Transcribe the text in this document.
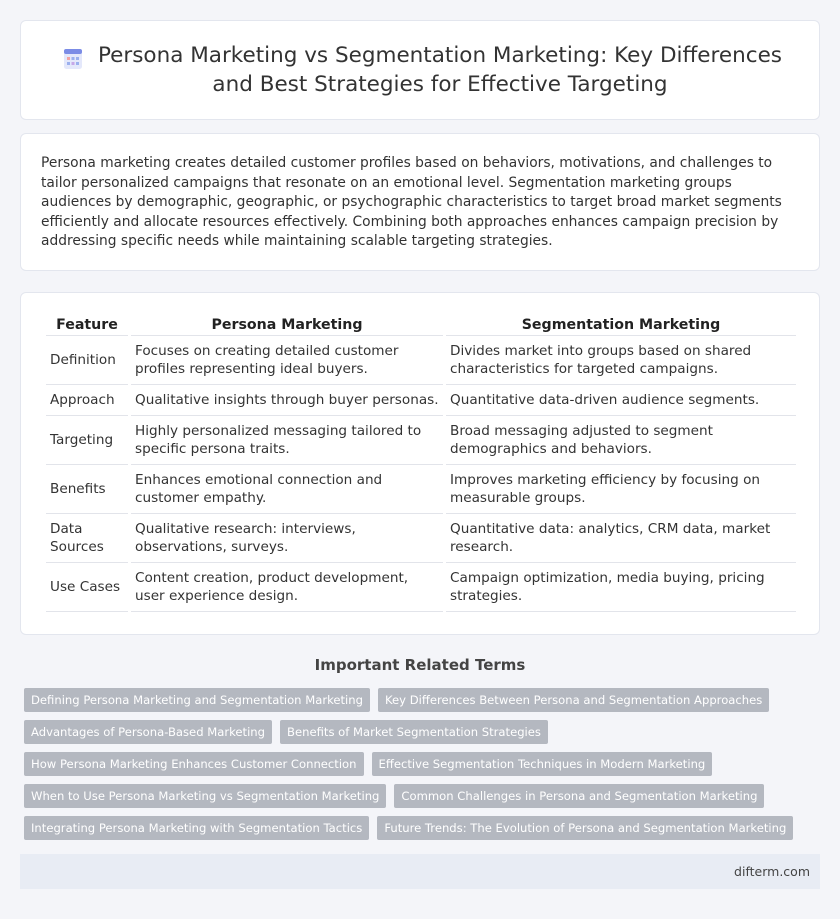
Persona Marketing vs Segmentation Marketing: Key Differences and Best Strategies for Effective Targeting

Persona marketing creates detailed customer profiles based on behaviors, motivations, and challenges to tailor personalized campaigns that resonate on an emotional level. Segmentation marketing groups audiences by demographic, geographic, or psychographic characteristics to target broad market segments efficiently and allocate resources effectively. Combining both approaches enhances campaign precision by addressing specific needs while maintaining scalable targeting strategies.

Feature	Persona Marketing	Segmentation Marketing
Definition	Focuses on creating detailed customer profiles representing ideal buyers.	Divides market into groups based on shared characteristics for targeted campaigns.
Approach	Qualitative insights through buyer personas.	Quantitative data-driven audience segments.
Targeting	Highly personalized messaging tailored to specific persona traits.	Broad messaging adjusted to segment demographics and behaviors.
Benefits	Enhances emotional connection and customer empathy.	Improves marketing efficiency by focusing on measurable groups.
Data Sources	Qualitative research: interviews, observations, surveys.	Quantitative data: analytics, CRM data, market research.
Use Cases	Content creation, product development, user experience design.	Campaign optimization, media buying, pricing strategies.
Important Related Terms
Defining Persona Marketing and Segmentation Marketing	Key Differences Between Persona and Segmentation Approaches
Advantages of Persona-Based Marketing	Benefits of Market Segmentation Strategies
How Persona Marketing Enhances Customer Connection	Effective Segmentation Techniques in Modern Marketing
When to Use Persona Marketing vs Segmentation Marketing	Common Challenges in Persona and Segmentation Marketing
Integrating Persona Marketing with Segmentation Tactics	Future Trends: The Evolution of Persona and Segmentation Marketing
difterm.com
